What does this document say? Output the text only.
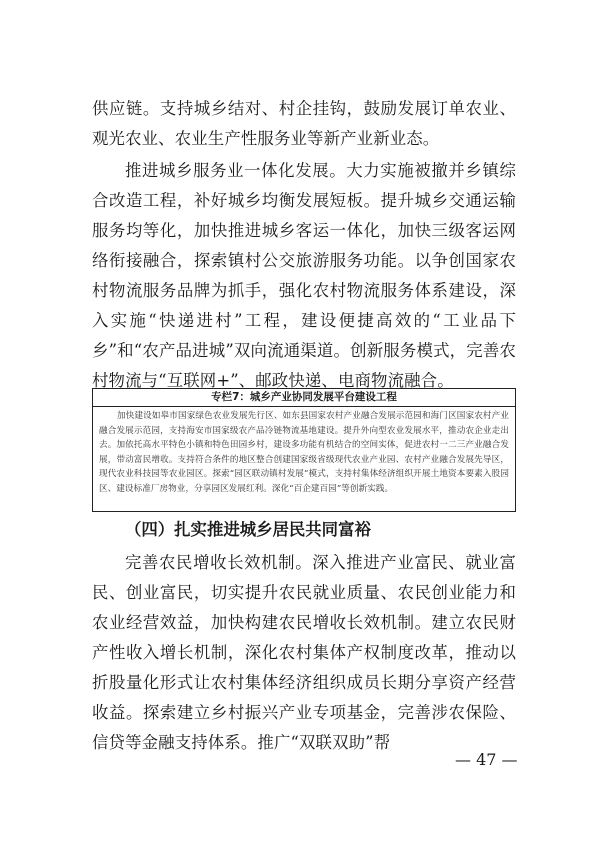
供应链。支持城乡结对、村企挂钩，鼓励发展订单农业、观光农业、农业生产性服务业等新产业新业态。

推进城乡服务业一体化发展。大力实施被撤并乡镇综合改造工程，补好城乡均衡发展短板。提升城乡交通运输服务均等化，加快推进城乡客运一体化，加快三级客运网络衔接融合，探索镇村公交旅游服务功能。以争创国家农村物流服务品牌为抓手，强化农村物流服务体系建设，深入实施“快递进村”工程，建设便捷高效的“工业品下乡”和“农产品进城”双向流通渠道。创新服务模式，完善农村物流与“互联网+”、邮政快递、电商物流融合。

专栏7：城乡产业协同发展平台建设工程
加快建设如皋市国家绿色农业发展先行区、如东县国家农村产业融合发展示范园和海门区国家农村产业融合发展示范园，支持海安市国家级农产品冷链物流基地建设。提升外向型农业发展水平，推动农企业走出去。加依托高水平特色小镇和特色田园乡村，建设多功能有机结合的空间实体，促进农村一二三产业融合发展，带动富民增收。支持符合条件的地区整合创建国家级省级现代农业产业园、农村产业融合发展先导区，现代农业科技园等农业园区。探索“园区联动镇村发展”模式，支持村集体经济组织开展土地资本要素入股园区、建设标准厂房物业，分享园区发展红利。深化“百企建百园”等创新实践。
（四）扎实推进城乡居民共同富裕

完善农民增收长效机制。深入推进产业富民、就业富民、创业富民，切实提升农民就业质量、农民创业能力和农业经营效益，加快构建农民增收长效机制。建立农民财产性收入增长机制，深化农村集体产权制度改革，推动以折股量化形式让农村集体经济组织成员长期分享资产经营收益。探索建立乡村振兴产业专项基金，完善涉农保险、信贷等金融支持体系。推广“双联双助”帮

— 47 —
